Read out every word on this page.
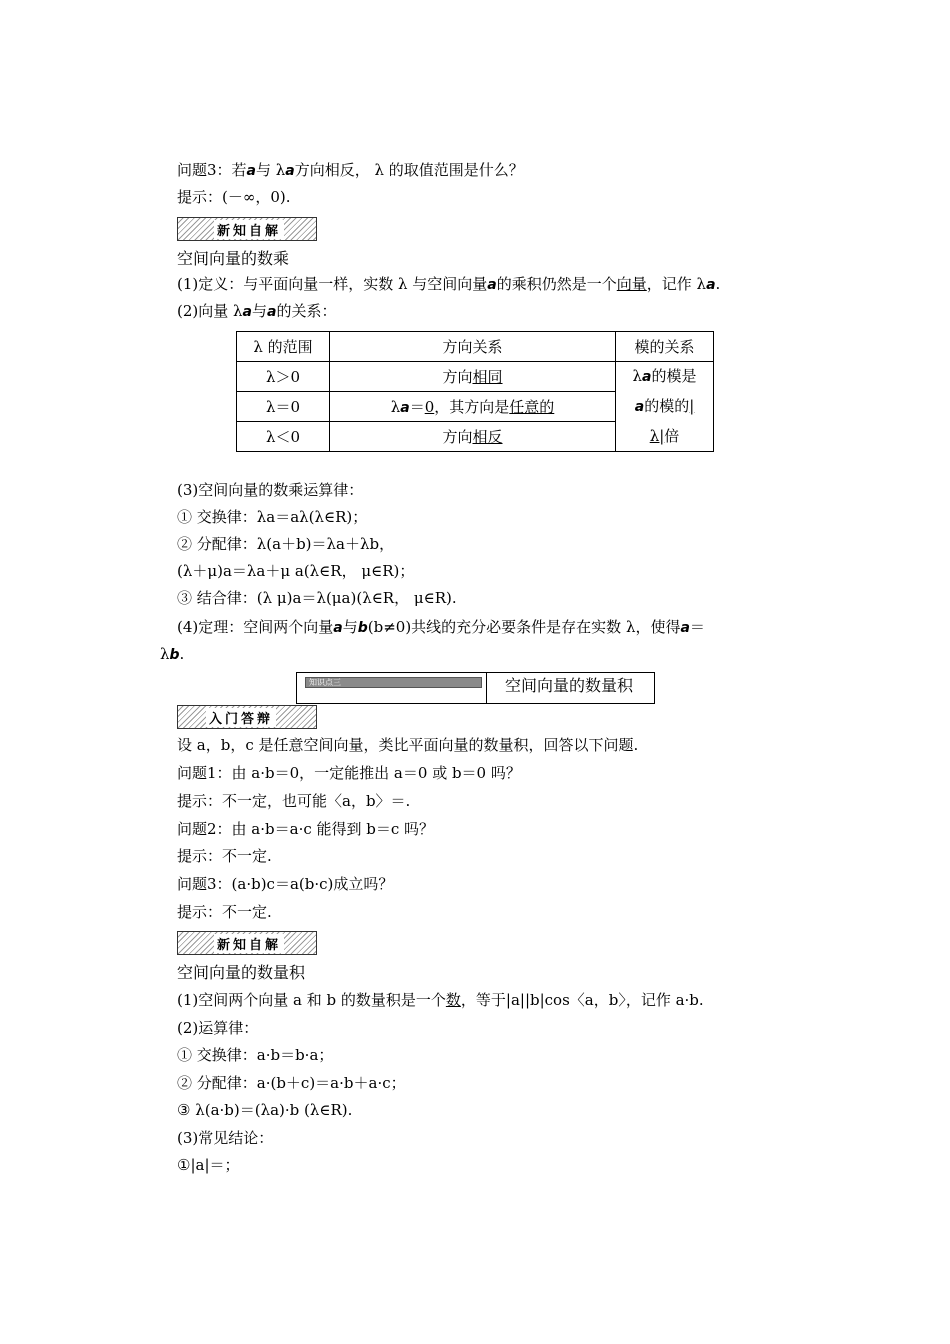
问题3：若a与 λa方向相反， λ 的取值范围是什么？
提示：(－∞，0).
新知自解
空间向量的数乘
(1)定义：与平面向量一样，实数 λ 与空间向量a的乘积仍然是一个向量，记作 λa.
(2)向量 λa与a的关系：
λ 的范围	方向关系	模的关系
λ＞0	方向相同	λa的模是
a的模的|
λ|倍
λ＝0	λa＝0，其方向是任意的	
λ＜0	方向相反	
(3)空间向量的数乘运算律：
① 交换律：λa＝aλ(λ∈R)；
② 分配律：λ(a＋b)＝λa＋λb，
(λ＋μ)a＝λa＋μ a(λ∈R， μ∈R)；
③ 结合律：(λ μ)a＝λ(μa)(λ∈R， μ∈R).
(4)定理：空间两个向量a与b(b≠0)共线的充分必要条件是存在实数 λ，使得a＝
λb.
知识点三	空间向量的数量积
入门答辩
设 a，b，c 是任意空间向量，类比平面向量的数量积，回答以下问题.
问题1：由 a·b＝0，一定能推出 a＝0 或 b＝0 吗？
提示：不一定，也可能〈a，b〉＝.
问题2：由 a·b＝a·c 能得到 b＝c 吗？
提示：不一定.
问题3：(a·b)c＝a(b·c)成立吗？
提示：不一定.
新知自解
空间向量的数量积
(1)空间两个向量 a 和 b 的数量积是一个数，等于|a||b|cos〈a，b〉，记作 a·b.
(2)运算律：
① 交换律：a·b＝b·a；
② 分配律：a·(b＋c)＝a·b＋a·c；
③ λ(a·b)＝(λa)·b (λ∈R).
(3)常见结论：
①|a|＝；
